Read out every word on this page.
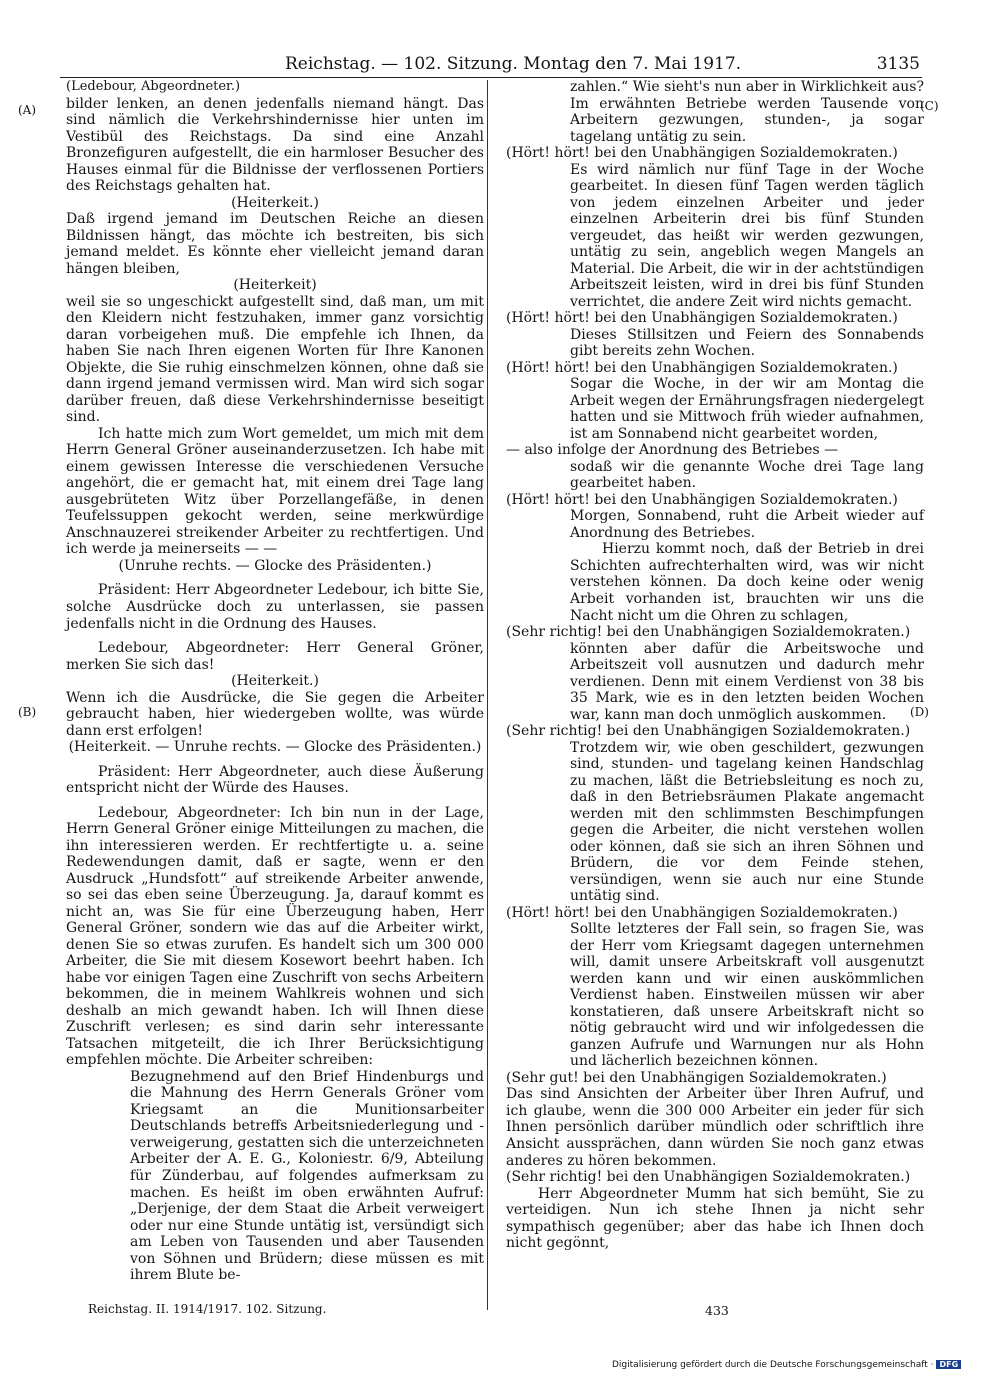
Reichstag. — 102. Sitzung. Montag den 7. Mai 1917.	3135
(A)
(B)
(C)
(D)

(Ledebour, Abgeordneter.)

bilder lenken, an denen jedenfalls niemand hängt. Das sind nämlich die Verkehrshindernisse hier unten im Vestibül des Reichstags. Da sind eine Anzahl Bronzefiguren aufgestellt, die ein harmloser Besucher des Hauses einmal für die Bildnisse der verflossenen Portiers des Reichstags gehalten hat.

(Heiterkeit.)

Daß irgend jemand im Deutschen Reiche an diesen Bildnissen hängt, das möchte ich bestreiten, bis sich jemand meldet. Es könnte eher vielleicht jemand daran hängen bleiben,

(Heiterkeit)

weil sie so ungeschickt aufgestellt sind, daß man, um mit den Kleidern nicht festzuhaken, immer ganz vorsichtig daran vorbeigehen muß. Die empfehle ich Ihnen, da haben Sie nach Ihren eigenen Worten für Ihre Kanonen Objekte, die Sie ruhig einschmelzen können, ohne daß sie dann irgend jemand vermissen wird. Man wird sich sogar darüber freuen, daß diese Verkehrshindernisse beseitigt sind.

Ich hatte mich zum Wort gemeldet, um mich mit dem Herrn General Gröner auseinanderzusetzen. Ich habe mit einem gewissen Interesse die verschiedenen Versuche angehört, die er gemacht hat, mit einem drei Tage lang ausgebrüteten Witz über Porzellangefäße, in denen Teufelssuppen gekocht werden, seine merkwürdige Anschnauzerei streikender Arbeiter zu rechtfertigen. Und ich werde ja meinerseits — —

(Unruhe rechts. — Glocke des Präsidenten.)

Präsident: Herr Abgeordneter Ledebour, ich bitte Sie, solche Ausdrücke doch zu unterlassen, sie passen jedenfalls nicht in die Ordnung des Hauses.

Ledebour, Abgeordneter: Herr General Gröner, merken Sie sich das!

(Heiterkeit.)

Wenn ich die Ausdrücke, die Sie gegen die Arbeiter gebraucht haben, hier wiedergeben wollte, was würde dann erst erfolgen!

(Heiterkeit. — Unruhe rechts. — Glocke des Präsidenten.)

Präsident: Herr Abgeordneter, auch diese Äußerung entspricht nicht der Würde des Hauses.

Ledebour, Abgeordneter: Ich bin nun in der Lage, Herrn General Gröner einige Mitteilungen zu machen, die ihn interessieren werden. Er rechtfertigte u. a. seine Redewendungen damit, daß er sagte, wenn er den Ausdruck „Hundsfott“ auf streikende Arbeiter anwende, so sei das eben seine Überzeugung. Ja, darauf kommt es nicht an, was Sie für eine Überzeugung haben, Herr General Gröner, sondern wie das auf die Arbeiter wirkt, denen Sie so etwas zurufen. Es handelt sich um 300 000 Arbeiter, die Sie mit diesem Kosewort beehrt haben. Ich habe vor einigen Tagen eine Zuschrift von sechs Arbeitern bekommen, die in meinem Wahlkreis wohnen und sich deshalb an mich gewandt haben. Ich will Ihnen diese Zuschrift verlesen; es sind darin sehr interessante Tatsachen mitgeteilt, die ich Ihrer Berücksichtigung empfehlen möchte. Die Arbeiter schreiben:

Bezugnehmend auf den Brief Hindenburgs und die Mahnung des Herrn Generals Gröner vom Kriegsamt an die Munitionsarbeiter Deutschlands betreffs Arbeitsniederlegung und -verweigerung, gestatten sich die unterzeichneten Arbeiter der A. E. G., Koloniestr. 6/9, Abteilung für Zünderbau, auf folgendes aufmerksam zu machen. Es heißt im oben erwähnten Aufruf: „Derjenige, der dem Staat die Arbeit verweigert oder nur eine Stunde untätig ist, versündigt sich am Leben von Tausenden und aber Tausenden von Söhnen und Brüdern; diese müssen es mit ihrem Blute be-

zahlen.“ Wie sieht's nun aber in Wirklichkeit aus? Im erwähnten Betriebe werden Tausende von Arbeitern gezwungen, stunden-, ja sogar tagelang untätig zu sein.

(Hört! hört! bei den Unabhängigen Sozialdemokraten.)

Es wird nämlich nur fünf Tage in der Woche gearbeitet. In diesen fünf Tagen werden täglich von jedem einzelnen Arbeiter und jeder einzelnen Arbeiterin drei bis fünf Stunden vergeudet, das heißt wir werden gezwungen, untätig zu sein, angeblich wegen Mangels an Material. Die Arbeit, die wir in der achtstündigen Arbeitszeit leisten, wird in drei bis fünf Stunden verrichtet, die andere Zeit wird nichts gemacht.

(Hört! hört! bei den Unabhängigen Sozialdemokraten.)

Dieses Stillsitzen und Feiern des Sonnabends gibt bereits zehn Wochen.

(Hört! hört! bei den Unabhängigen Sozialdemokraten.)

Sogar die Woche, in der wir am Montag die Arbeit wegen der Ernährungsfragen niedergelegt hatten und sie Mittwoch früh wieder aufnahmen, ist am Sonnabend nicht gearbeitet worden,

— also infolge der Anordnung des Betriebes —

sodaß wir die genannte Woche drei Tage lang gearbeitet haben.

(Hört! hört! bei den Unabhängigen Sozialdemokraten.)

Morgen, Sonnabend, ruht die Arbeit wieder auf Anordnung des Betriebes.

Hierzu kommt noch, daß der Betrieb in drei Schichten aufrechterhalten wird, was wir nicht verstehen können. Da doch keine oder wenig Arbeit vorhanden ist, brauchten wir uns die Nacht nicht um die Ohren zu schlagen,

(Sehr richtig! bei den Unabhängigen Sozialdemokraten.)

könnten aber dafür die Arbeitswoche und Arbeitszeit voll ausnutzen und dadurch mehr verdienen. Denn mit einem Verdienst von 38 bis 35 Mark, wie es in den letzten beiden Wochen war, kann man doch unmöglich auskommen.

(Sehr richtig! bei den Unabhängigen Sozialdemokraten.)

Trotzdem wir, wie oben geschildert, gezwungen sind, stunden- und tagelang keinen Handschlag zu machen, läßt die Betriebsleitung es noch zu, daß in den Betriebsräumen Plakate angemacht werden mit den schlimmsten Beschimpfungen gegen die Arbeiter, die nicht verstehen wollen oder können, daß sie sich an ihren Söhnen und Brüdern, die vor dem Feinde stehen, versündigen, wenn sie auch nur eine Stunde untätig sind.

(Hört! hört! bei den Unabhängigen Sozialdemokraten.)

Sollte letzteres der Fall sein, so fragen Sie, was der Herr vom Kriegsamt dagegen unternehmen will, damit unsere Arbeitskraft voll ausgenutzt werden kann und wir einen auskömmlichen Verdienst haben. Einstweilen müssen wir aber konstatieren, daß unsere Arbeitskraft nicht so nötig gebraucht wird und wir infolgedessen die ganzen Aufrufe und Warnungen nur als Hohn und lächerlich bezeichnen können.

(Sehr gut! bei den Unabhängigen Sozialdemokraten.)

Das sind Ansichten der Arbeiter über Ihren Aufruf, und ich glaube, wenn die 300 000 Arbeiter ein jeder für sich Ihnen persönlich darüber mündlich oder schriftlich ihre Ansicht aussprächen, dann würden Sie noch ganz etwas anderes zu hören bekommen.

(Sehr richtig! bei den Unabhängigen Sozialdemokraten.)

Herr Abgeordneter Mumm hat sich bemüht, Sie zu verteidigen. Nun ich stehe Ihnen ja nicht sehr sympathisch gegenüber; aber das habe ich Ihnen doch nicht gegönnt,

Reichstag. II. 1914/1917. 102. Sitzung.	433
Digitalisierung gefördert durch die Deutsche Forschungsgemeinschaft · DFG
